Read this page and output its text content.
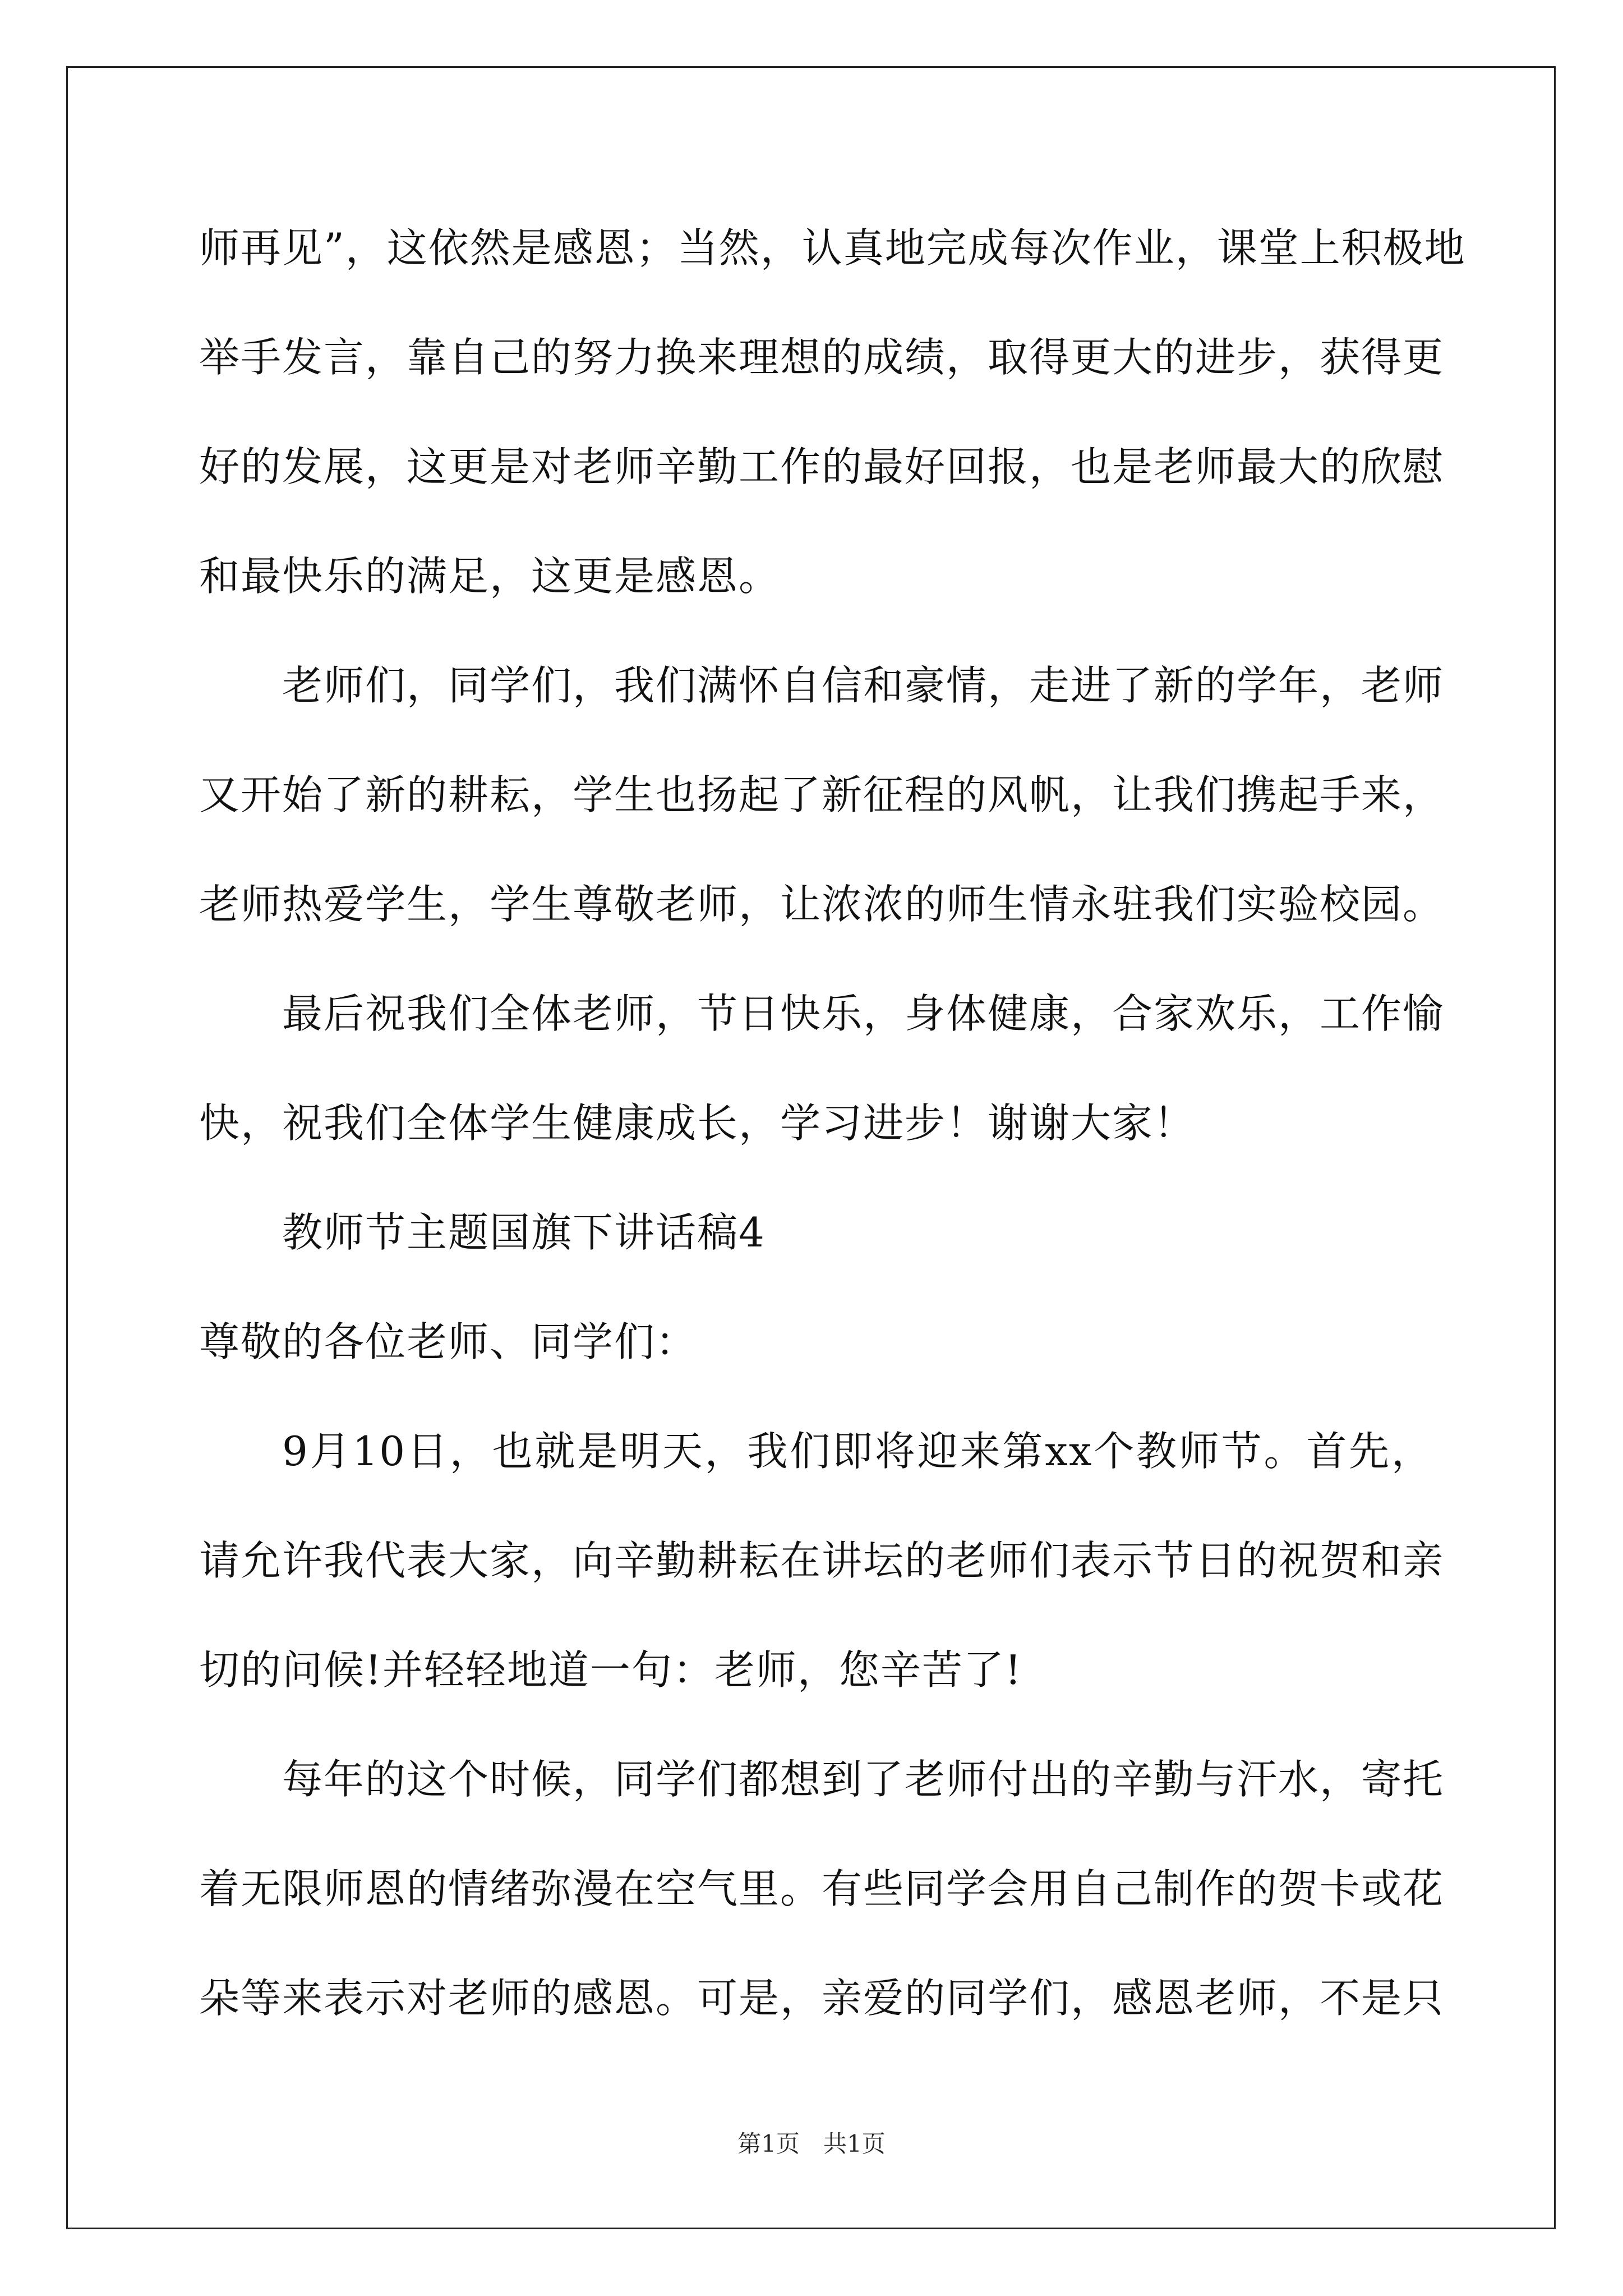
师再见”，这依然是感恩；当然，认真地完成每次作业，课堂上积极地
举手发言，靠自己的努力换来理想的成绩，取得更大的进步，获得更
好的发展，这更是对老师辛勤工作的最好回报，也是老师最大的欣慰
和最快乐的满足，这更是感恩。
老师们，同学们，我们满怀自信和豪情，走进了新的学年，老师
又开始了新的耕耘，学生也扬起了新征程的风帆，让我们携起手来，
老师热爱学生，学生尊敬老师，让浓浓的师生情永驻我们实验校园。
最后祝我们全体老师，节日快乐，身体健康，合家欢乐，工作愉
快，祝我们全体学生健康成长，学习进步！谢谢大家！
教师节主题国旗下讲话稿4
尊敬的各位老师、同学们：
9月10日，也就是明天，我们即将迎来第xx个教师节。首先，
请允许我代表大家，向辛勤耕耘在讲坛的老师们表示节日的祝贺和亲
切的问候!并轻轻地道一句：老师，您辛苦了!
每年的这个时候，同学们都想到了老师付出的辛勤与汗水，寄托
着无限师恩的情绪弥漫在空气里。有些同学会用自己制作的贺卡或花
朵等来表示对老师的感恩。可是，亲爱的同学们，感恩老师，不是只
第1页　共1页
